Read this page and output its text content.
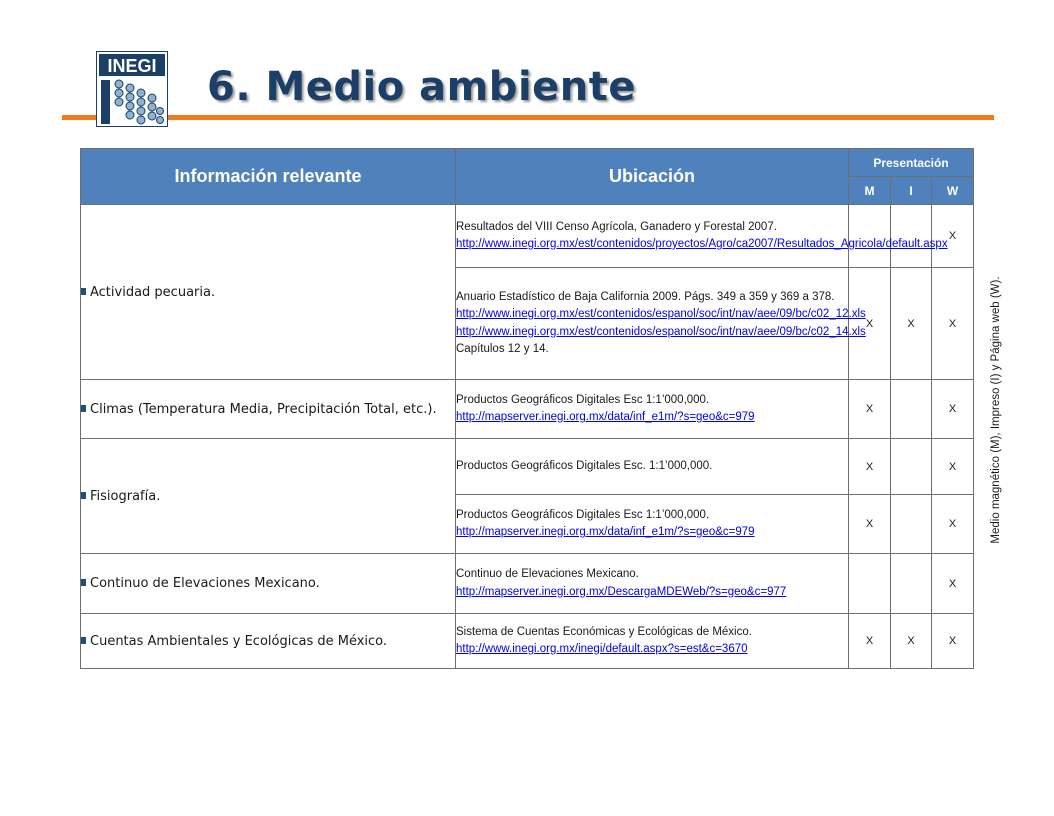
INEGI 6. Medio ambiente
Medio magnético (M), Impreso (I) y Página web (W).
Información relevante	Ubicación	Presentación		
		M	I	W
Actividad pecuaria.	Resultados del VIII Censo Agrícola, Ganadero y Forestal 2007.
http://www.inegi.org.mx/est/contenidos/proyectos/Agro/ca2007/Resultados_Agricola/default.aspx			X
	Anuario Estadístico de Baja California 2009. Págs. 349 a 359 y 369 a 378.
http://www.inegi.org.mx/est/contenidos/espanol/soc/int/nav/aee/09/bc/c02_12.xls
http://www.inegi.org.mx/est/contenidos/espanol/soc/int/nav/aee/09/bc/c02_14.xls Capítulos 12 y 14.	X	X	X
Climas (Temperatura Media, Precipitación Total, etc.).	Productos Geográficos Digitales Esc 1:1’000,000.
http://mapserver.inegi.org.mx/data/inf_e1m/?s=geo&c=979	X		X
Fisiografía.	Productos Geográficos Digitales Esc. 1:1’000,000.	X		X
	Productos Geográficos Digitales Esc 1:1’000,000.
http://mapserver.inegi.org.mx/data/inf_e1m/?s=geo&c=979	X		X
Continuo de Elevaciones Mexicano.	Continuo de Elevaciones Mexicano.
http://mapserver.inegi.org.mx/DescargaMDEWeb/?s=geo&c=977			X
Cuentas Ambientales y Ecológicas de México.	Sistema de Cuentas Económicas y Ecológicas de México.
http://www.inegi.org.mx/inegi/default.aspx?s=est&c=3670	X	X	X
